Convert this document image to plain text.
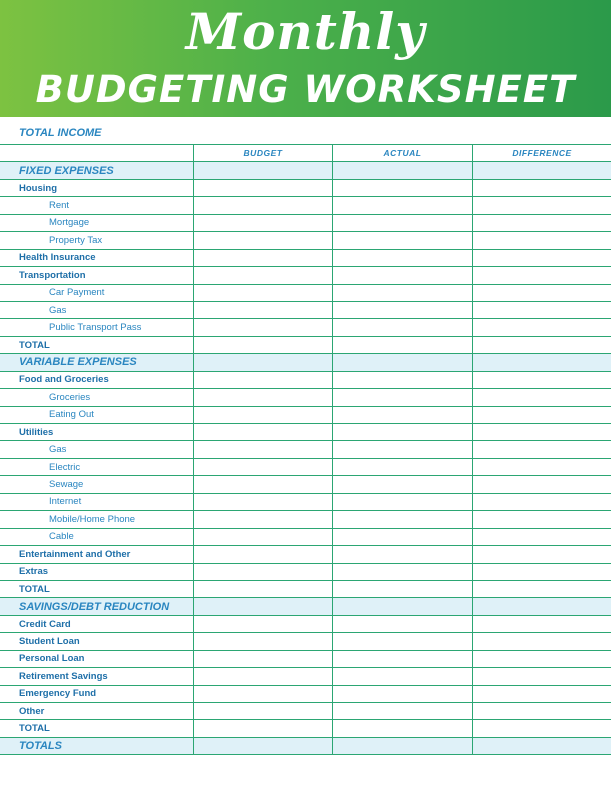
Monthly
BUDGETING WORKSHEET
TOTAL INCOME
BUDGET	ACTUAL	DIFFERENCE
FIXED EXPENSES
Housing
Rent
Mortgage
Property Tax
Health Insurance
Transportation
Car Payment
Gas
Public Transport Pass
TOTAL
VARIABLE EXPENSES
Food and Groceries
Groceries
Eating Out
Utilities
Gas
Electric
Sewage
Internet
Mobile/Home Phone
Cable
Entertainment and Other
Extras
TOTAL
SAVINGS/DEBT REDUCTION
Credit Card
Student Loan
Personal Loan
Retirement Savings
Emergency Fund
Other
TOTAL
TOTALS
